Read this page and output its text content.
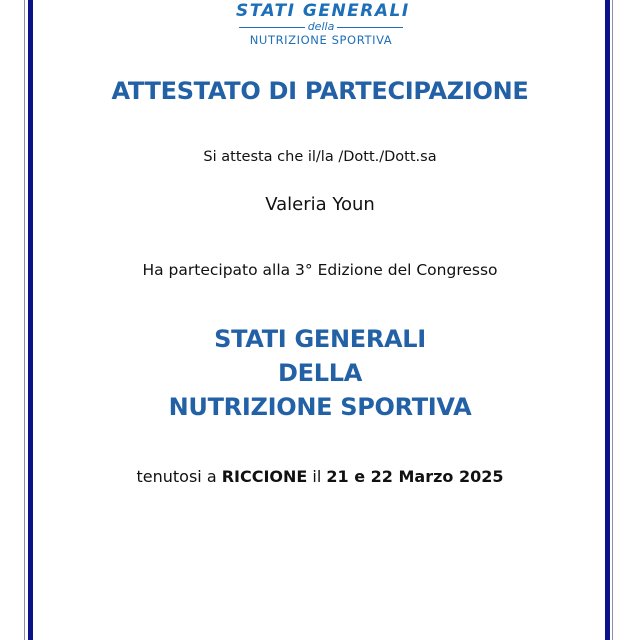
STATI GENERALI
della
NUTRIZIONE SPORTIVA
ATTESTATO DI PARTECIPAZIONE
Si attesta che il/la /Dott./Dott.sa
Valeria Youn
Ha partecipato alla 3° Edizione del Congresso
STATI GENERALI
DELLA
NUTRIZIONE SPORTIVA
tenutosi a RICCIONE il 21 e 22 Marzo 2025
